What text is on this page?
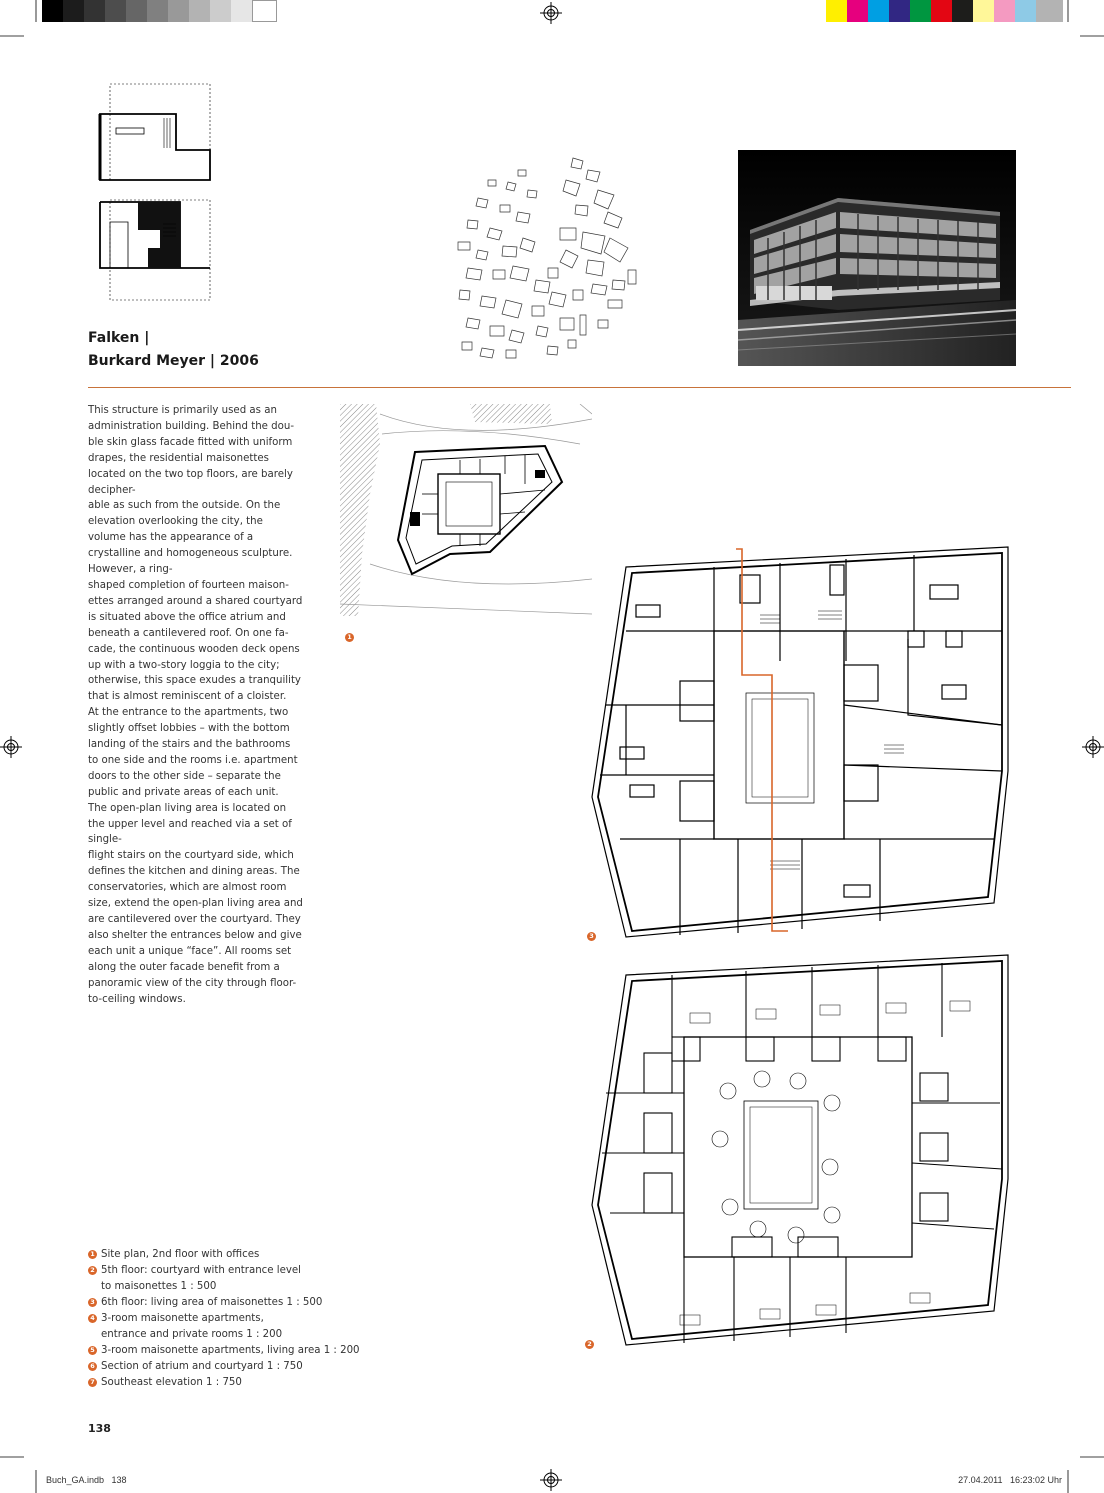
Falken |
Burkard Meyer | 2006
This structure is primarily used as an administration building. Behind the dou-
ble skin glass facade fitted with uniform drapes, the residential maisonettes located on the two top floors, are barely decipher-
able as such from the outside. On the elevation overlooking the city, the volume has the appearance of a crystalline and homogeneous sculpture. However, a ring-
shaped completion of fourteen maison-
ettes arranged around a shared courtyard is situated above the office atrium and beneath a cantilevered roof. On one fa-
cade, the continuous wooden deck opens up with a two-story loggia to the city; otherwise, this space exudes a tranquility that is almost reminiscent of a cloister.
At the entrance to the apartments, two slightly offset lobbies – with the bottom landing of the stairs and the bathrooms to one side and the rooms i.e. apartment doors to the other side – separate the public and private areas of each unit.
The open-plan living area is located on the upper level and reached via a set of single-
flight stairs on the courtyard side, which defines the kitchen and dining areas. The conservatories, which are almost room size, extend the open-plan living area and are cantilevered over the courtyard. They also shelter the entrances below and give each unit a unique “face”. All rooms set along the outer facade benefit from a panoramic view of the city through floor-
to-ceiling windows.
1
3
2
1 Site plan, 2nd floor with offices
2 5th floor: courtyard with entrance level
to maisonettes 1 : 500
3 6th floor: living area of maisonettes 1 : 500
4 3-room maisonette apartments,
entrance and private rooms 1 : 200
5 3-room maisonette apartments, living area 1 : 200
6 Section of atrium and courtyard 1 : 750
7 Southeast elevation 1 : 750
138
Buch_GA.indb   138	27.04.2011   16:23:02 Uhr
